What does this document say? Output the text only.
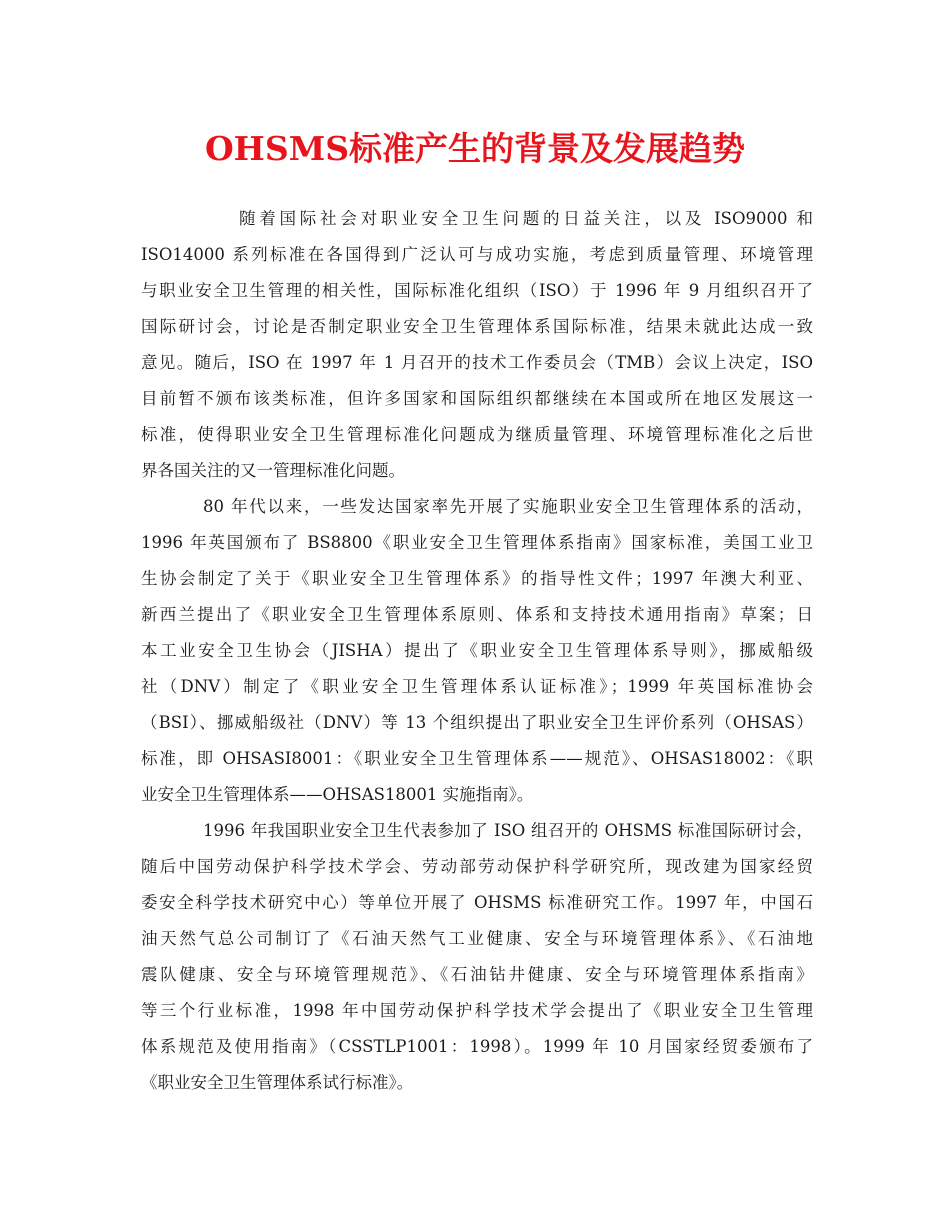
OHSMS标准产生的背景及发展趋势
随着国际社会对职业安全卫生问题的日益关注，以及 ISO9000 和
ISO14000 系列标准在各国得到广泛认可与成功实施，考虑到质量管理、环境管理
与职业安全卫生管理的相关性，国际标准化组织（ISO）于 1996 年 9 月组织召开了
国际研讨会，讨论是否制定职业安全卫生管理体系国际标准，结果未就此达成一致
意见。随后，ISO 在 1997 年 1 月召开的技术工作委员会（TMB）会议上决定，ISO
目前暂不颁布该类标准，但许多国家和国际组织都继续在本国或所在地区发展这一
标准，使得职业安全卫生管理标准化问题成为继质量管理、环境管理标准化之后世
界各国关注的又一管理标准化问题。
80 年代以来，一些发达国家率先开展了实施职业安全卫生管理体系的活动，
1996 年英国颁布了 BS8800《职业安全卫生管理体系指南》国家标准，美国工业卫
生协会制定了关于《职业安全卫生管理体系》的指导性文件；1997 年澳大利亚、
新西兰提出了《职业安全卫生管理体系原则、体系和支持技术通用指南》草案；日
本工业安全卫生协会（JISHA）提出了《职业安全卫生管理体系导则》，挪威船级
社（DNV）制定了《职业安全卫生管理体系认证标准》；1999 年英国标准协会
（BSI）、挪威船级社（DNV）等 13 个组织提出了职业安全卫生评价系列（OHSAS）
标准，即 OHSASI8001：《职业安全卫生管理体系——规范》、OHSAS18002：《职
业安全卫生管理体系——OHSAS18001 实施指南》。
1996 年我国职业安全卫生代表参加了 ISO 组召开的 OHSMS 标准国际研讨会，
随后中国劳动保护科学技术学会、劳动部劳动保护科学研究所，现改建为国家经贸
委安全科学技术研究中心）等单位开展了 OHSMS 标准研究工作。1997 年，中国石
油天然气总公司制订了《石油天然气工业健康、安全与环境管理体系》、《石油地
震队健康、安全与环境管理规范》、《石油钻井健康、安全与环境管理体系指南》
等三个行业标准，1998 年中国劳动保护科学技术学会提出了《职业安全卫生管理
体系规范及使用指南》（CSSTLP1001：1998）。1999 年 10 月国家经贸委颁布了
《职业安全卫生管理体系试行标准》。
